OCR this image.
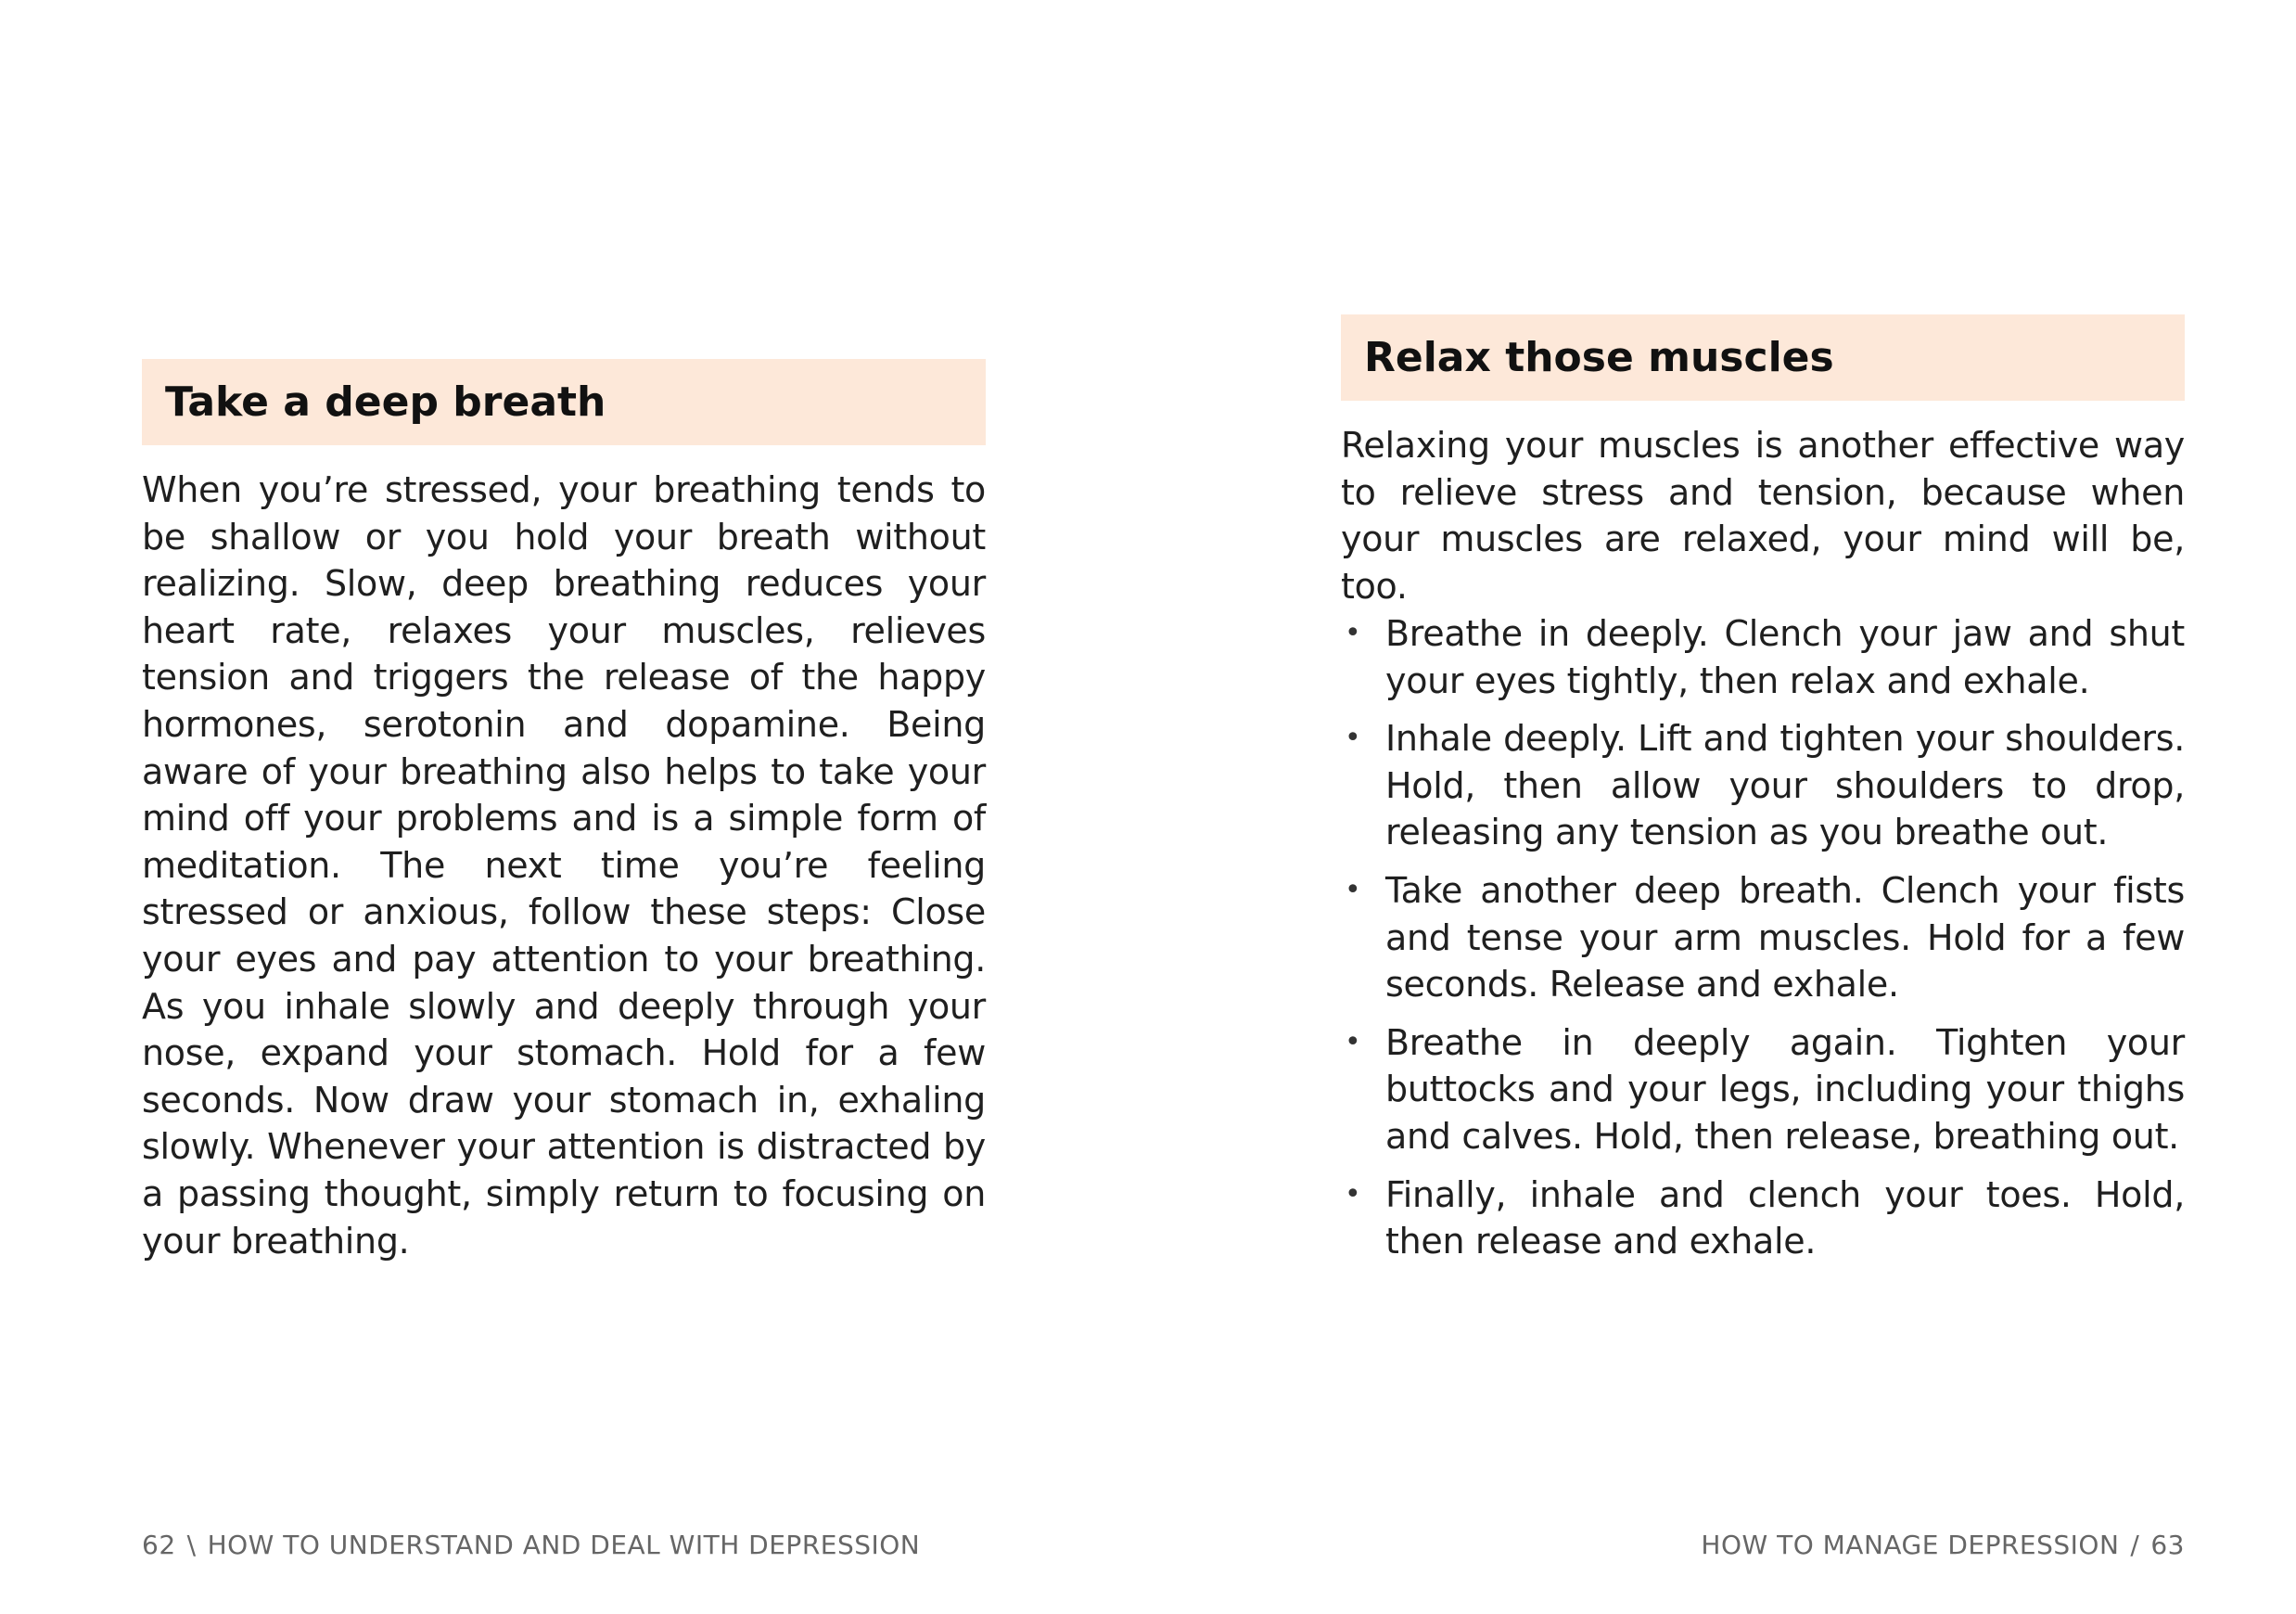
Take a deep breath

When you’re stressed, your breathing tends to be shallow or you hold your breath without realizing. Slow, deep breathing reduces your heart rate, relaxes your muscles, relieves tension and triggers the release of the happy hormones, serotonin and dopamine. Being aware of your breathing also helps to take your mind off your problems and is a simple form of meditation. The next time you’re feeling stressed or anxious, follow these steps: Close your eyes and pay attention to your breathing. As you inhale slowly and deeply through your nose, expand your stomach. Hold for a few seconds. Now draw your stomach in, exhaling slowly. Whenever your attention is distracted by a passing thought, simply return to focusing on your breathing.

62 \ HOW TO UNDERSTAND AND DEAL WITH DEPRESSION
Relax those muscles

Relaxing your muscles is another effective way to relieve stress and tension, because when your muscles are relaxed, your mind will be, too.

• Breathe in deeply. Clench your jaw and shut your eyes tightly, then relax and exhale.
• Inhale deeply. Lift and tighten your shoulders. Hold, then allow your shoulders to drop, releasing any tension as you breathe out.
• Take another deep breath. Clench your fists and tense your arm muscles. Hold for a few seconds. Release and exhale.
• Breathe in deeply again. Tighten your buttocks and your legs, including your thighs and calves. Hold, then release, breathing out.
• Finally, inhale and clench your toes. Hold, then release and exhale.
HOW TO MANAGE DEPRESSION / 63
